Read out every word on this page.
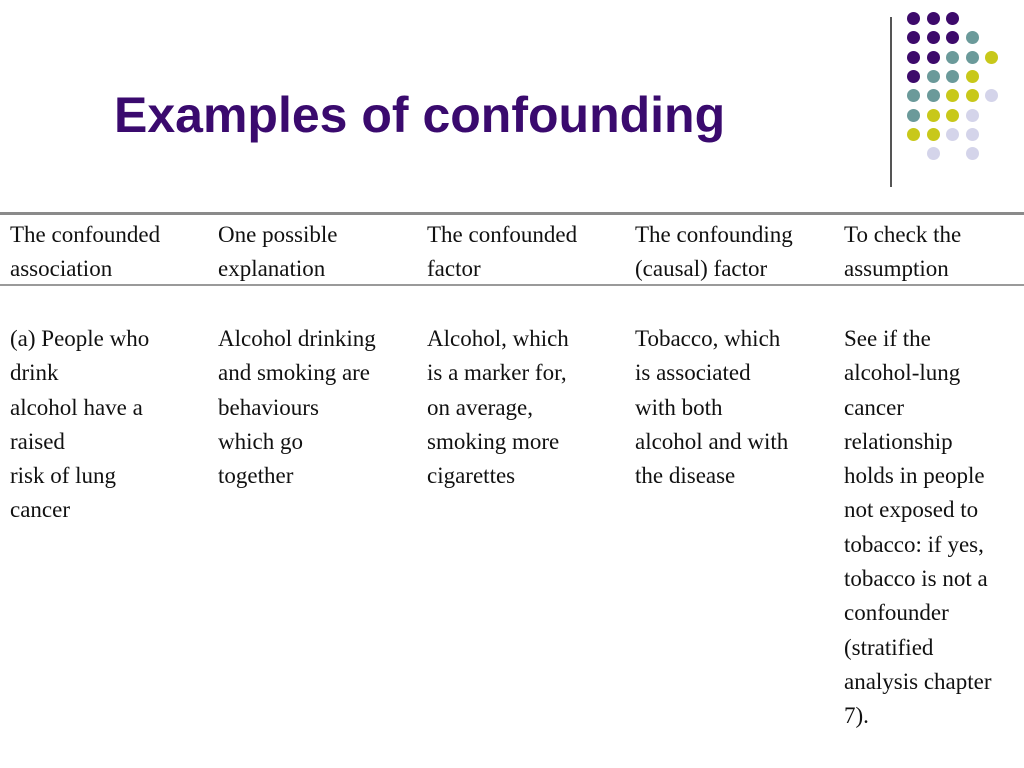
Examples of confounding
The confounded
association
One possible
explanation
The confounded
factor
The confounding
(causal) factor
To check the
assumption
(a) People who
drink
alcohol have a
raised
risk of lung
cancer
Alcohol drinking
and smoking are
behaviours
which go
together
Alcohol, which
is a marker for,
on average,
smoking more
cigarettes
Tobacco, which
is associated
with both
alcohol and with
the disease
See if the
alcohol-lung
cancer
relationship
holds in people
not exposed to
tobacco: if yes,
tobacco is not a
confounder
(stratified
analysis chapter
7).
